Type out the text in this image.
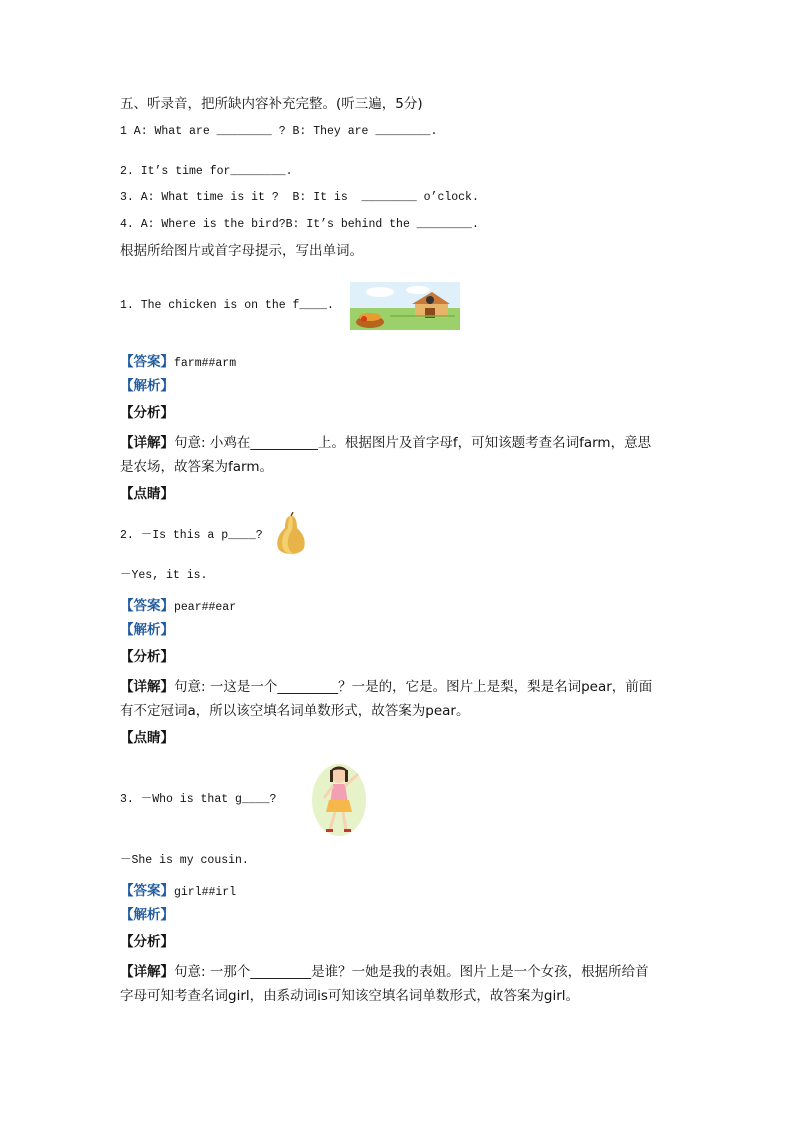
五、听录音，把所缺内容补充完整。(听三遍，5分)
1 A: What are ________ ? B: They are ________.
2. It’s time for________.
3. A: What time is it ?  B: It is  ________ o’clock.
4. A: Where is the bird?B: It’s behind the ________.
根据所给图片或首字母提示，写出单词。
1. The chicken is on the f____.
【答案】farm##arm
【解析】
【分析】
【详解】句意: 小鸡在__________上。根据图片及首字母f，可知该题考查名词farm，意思
是农场，故答案为farm。
【点睛】
2. －Is this a p____?
－Yes, it is.
【答案】pear##ear
【解析】
【分析】
【详解】句意: 一这是一个_________？一是的，它是。图片上是梨，梨是名词pear，前面
有不定冠词a，所以该空填名词单数形式，故答案为pear。
【点睛】
3. －Who is that g____?
－She is my cousin.
【答案】girl##irl
【解析】
【分析】
【详解】句意: 一那个_________是谁？一她是我的表姐。图片上是一个女孩，根据所给首
字母可知考查名词girl，由系动词is可知该空填名词单数形式，故答案为girl。
